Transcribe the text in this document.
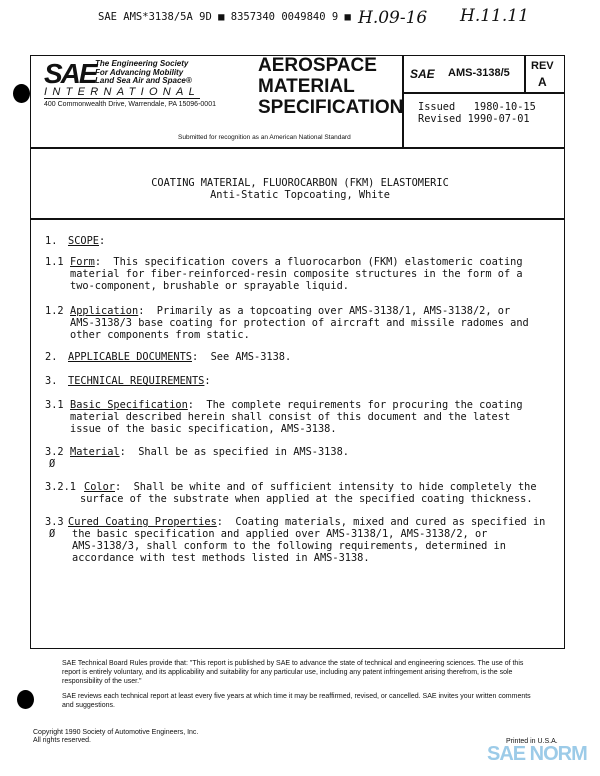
SAE AMS*3138/5A 9D ■ 8357340 0049840 9 ■ H.09-16 H.11.11
SAE The Engineering Society
For Advancing Mobility
Land Sea Air and Space®
INTERNATIONAL
400 Commonwealth Drive, Warrendale, PA 15096-0001
AEROSPACE
MATERIAL
SPECIFICATION
Submitted for recognition as an American National Standard
SAE AMS-3138/5
REV
A
Issued   1980-10-15
Revised 1990-07-01
COATING MATERIAL, FLUOROCARBON (FKM) ELASTOMERIC
Anti-Static Topcoating, White
1. SCOPE:
1.1 Form:  This specification covers a fluorocarbon (FKM) elastomeric coating
material for fiber-reinforced-resin composite structures in the form of a
two-component, brushable or sprayable liquid.
1.2 Application:  Primarily as a topcoating over AMS-3138/1, AMS-3138/2, or
AMS-3138/3 base coating for protection of aircraft and missile radomes and
other components from static.
2. APPLICABLE DOCUMENTS:  See AMS-3138.
3. TECHNICAL REQUIREMENTS:
3.1 Basic Specification:  The complete requirements for procuring the coating
material described herein shall consist of this document and the latest
issue of the basic specification, AMS-3138.
3.2 Material:  Shall be as specified in AMS-3138.
Ø
3.2.1 Color:  Shall be white and of sufficient intensity to hide completely the
surface of the substrate when applied at the specified coating thickness.
3.3 Cured Coating Properties:  Coating materials, mixed and cured as specified in
the basic specification and applied over AMS-3138/1, AMS-3138/2, or
AMS-3138/3, shall conform to the following requirements, determined in
accordance with test methods listed in AMS-3138.
Ø
SAE Technical Board Rules provide that: "This report is published by SAE to advance the state of technical and engineering sciences. The use of this report is entirely voluntary, and its applicability and suitability for any particular use, including any patent infringement arising therefrom, is the sole responsibility of the user."
SAE reviews each technical report at least every five years at which time it may be reaffirmed, revised, or cancelled. SAE invites your written comments and suggestions.
Copyright 1990 Society of Automotive Engineers, Inc.
All rights reserved.	Printed in U.S.A.
SAE NORM
